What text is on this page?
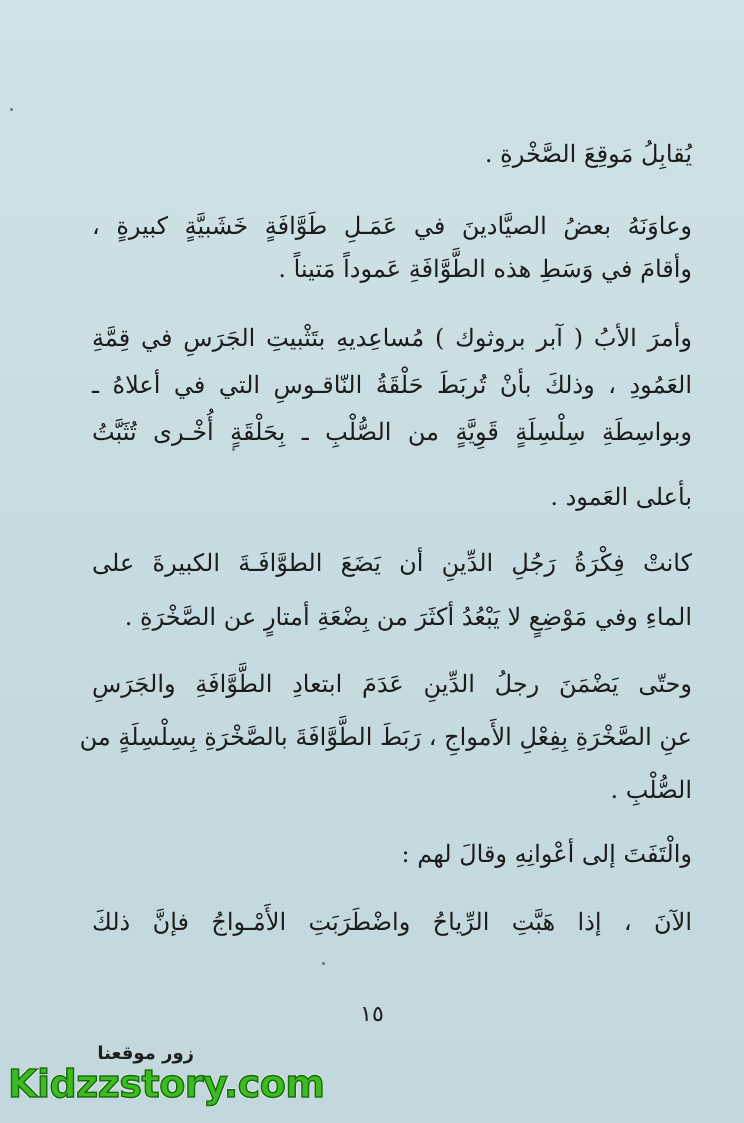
يُقابِلُ مَوقِعَ الصَّخْرةِ .
وعاوَنَهُ بعضُ الصيَّادينَ في عَمَـلِ طَوَّافَةٍ خَشَبيَّةٍ كبيرةٍ ،
وأقامَ في وَسَطِ هذه الطَّوَّافَةِ عَموداً مَتيناً .
وأمرَ الأبُ ( آبر بروثوك ) مُساعِديهِ بتَثْبيتِ الجَرَسِ في قِمَّةِ
العَمُودِ ، وذلكَ بأنْ تُربَطَ حَلْقَةُ النّاقـوسِ التي في أعلاهُ ـ
وبواسِطَةِ سِلْسِلَةٍ قَوِيَّةٍ من الصُّلْبِ ـ بِحَلْقَةٍ أُخْـرى تُثَبَّتُ
بأعلى العَمود .
كانتْ فِكْرَةُ رَجُلِ الدِّينِ أن يَضَعَ الطوَّافَـةَ الكبيرةَ على
الماءِ وفي مَوْضِعٍ لا يَبْعُدُ أكثَرَ من بِضْعَةِ أمتارٍ عن الصَّخْرَةِ .
وحتّى يَضْمَنَ رجلُ الدِّينِ عَدَمَ ابتعادِ الطَّوَّافَةِ والجَرَسِ
عنِ الصَّخْرَةِ بِفِعْلِ الأَمواجِ ، رَبَطَ الطَّوَّافَةَ بالصَّخْرَةِ بِسِلْسِلَةٍ من
الصُّلْبِ .
والْتَفَتَ إلى أعْوانِهِ وقالَ لهم :
الآنَ ، إذا هَبَّتِ الرِّياحُ واضْطَرَبَتِ الأَمْـواجُ فإنَّ ذلكَ
١٥
زور موقعنا
Kidzzstory.com
